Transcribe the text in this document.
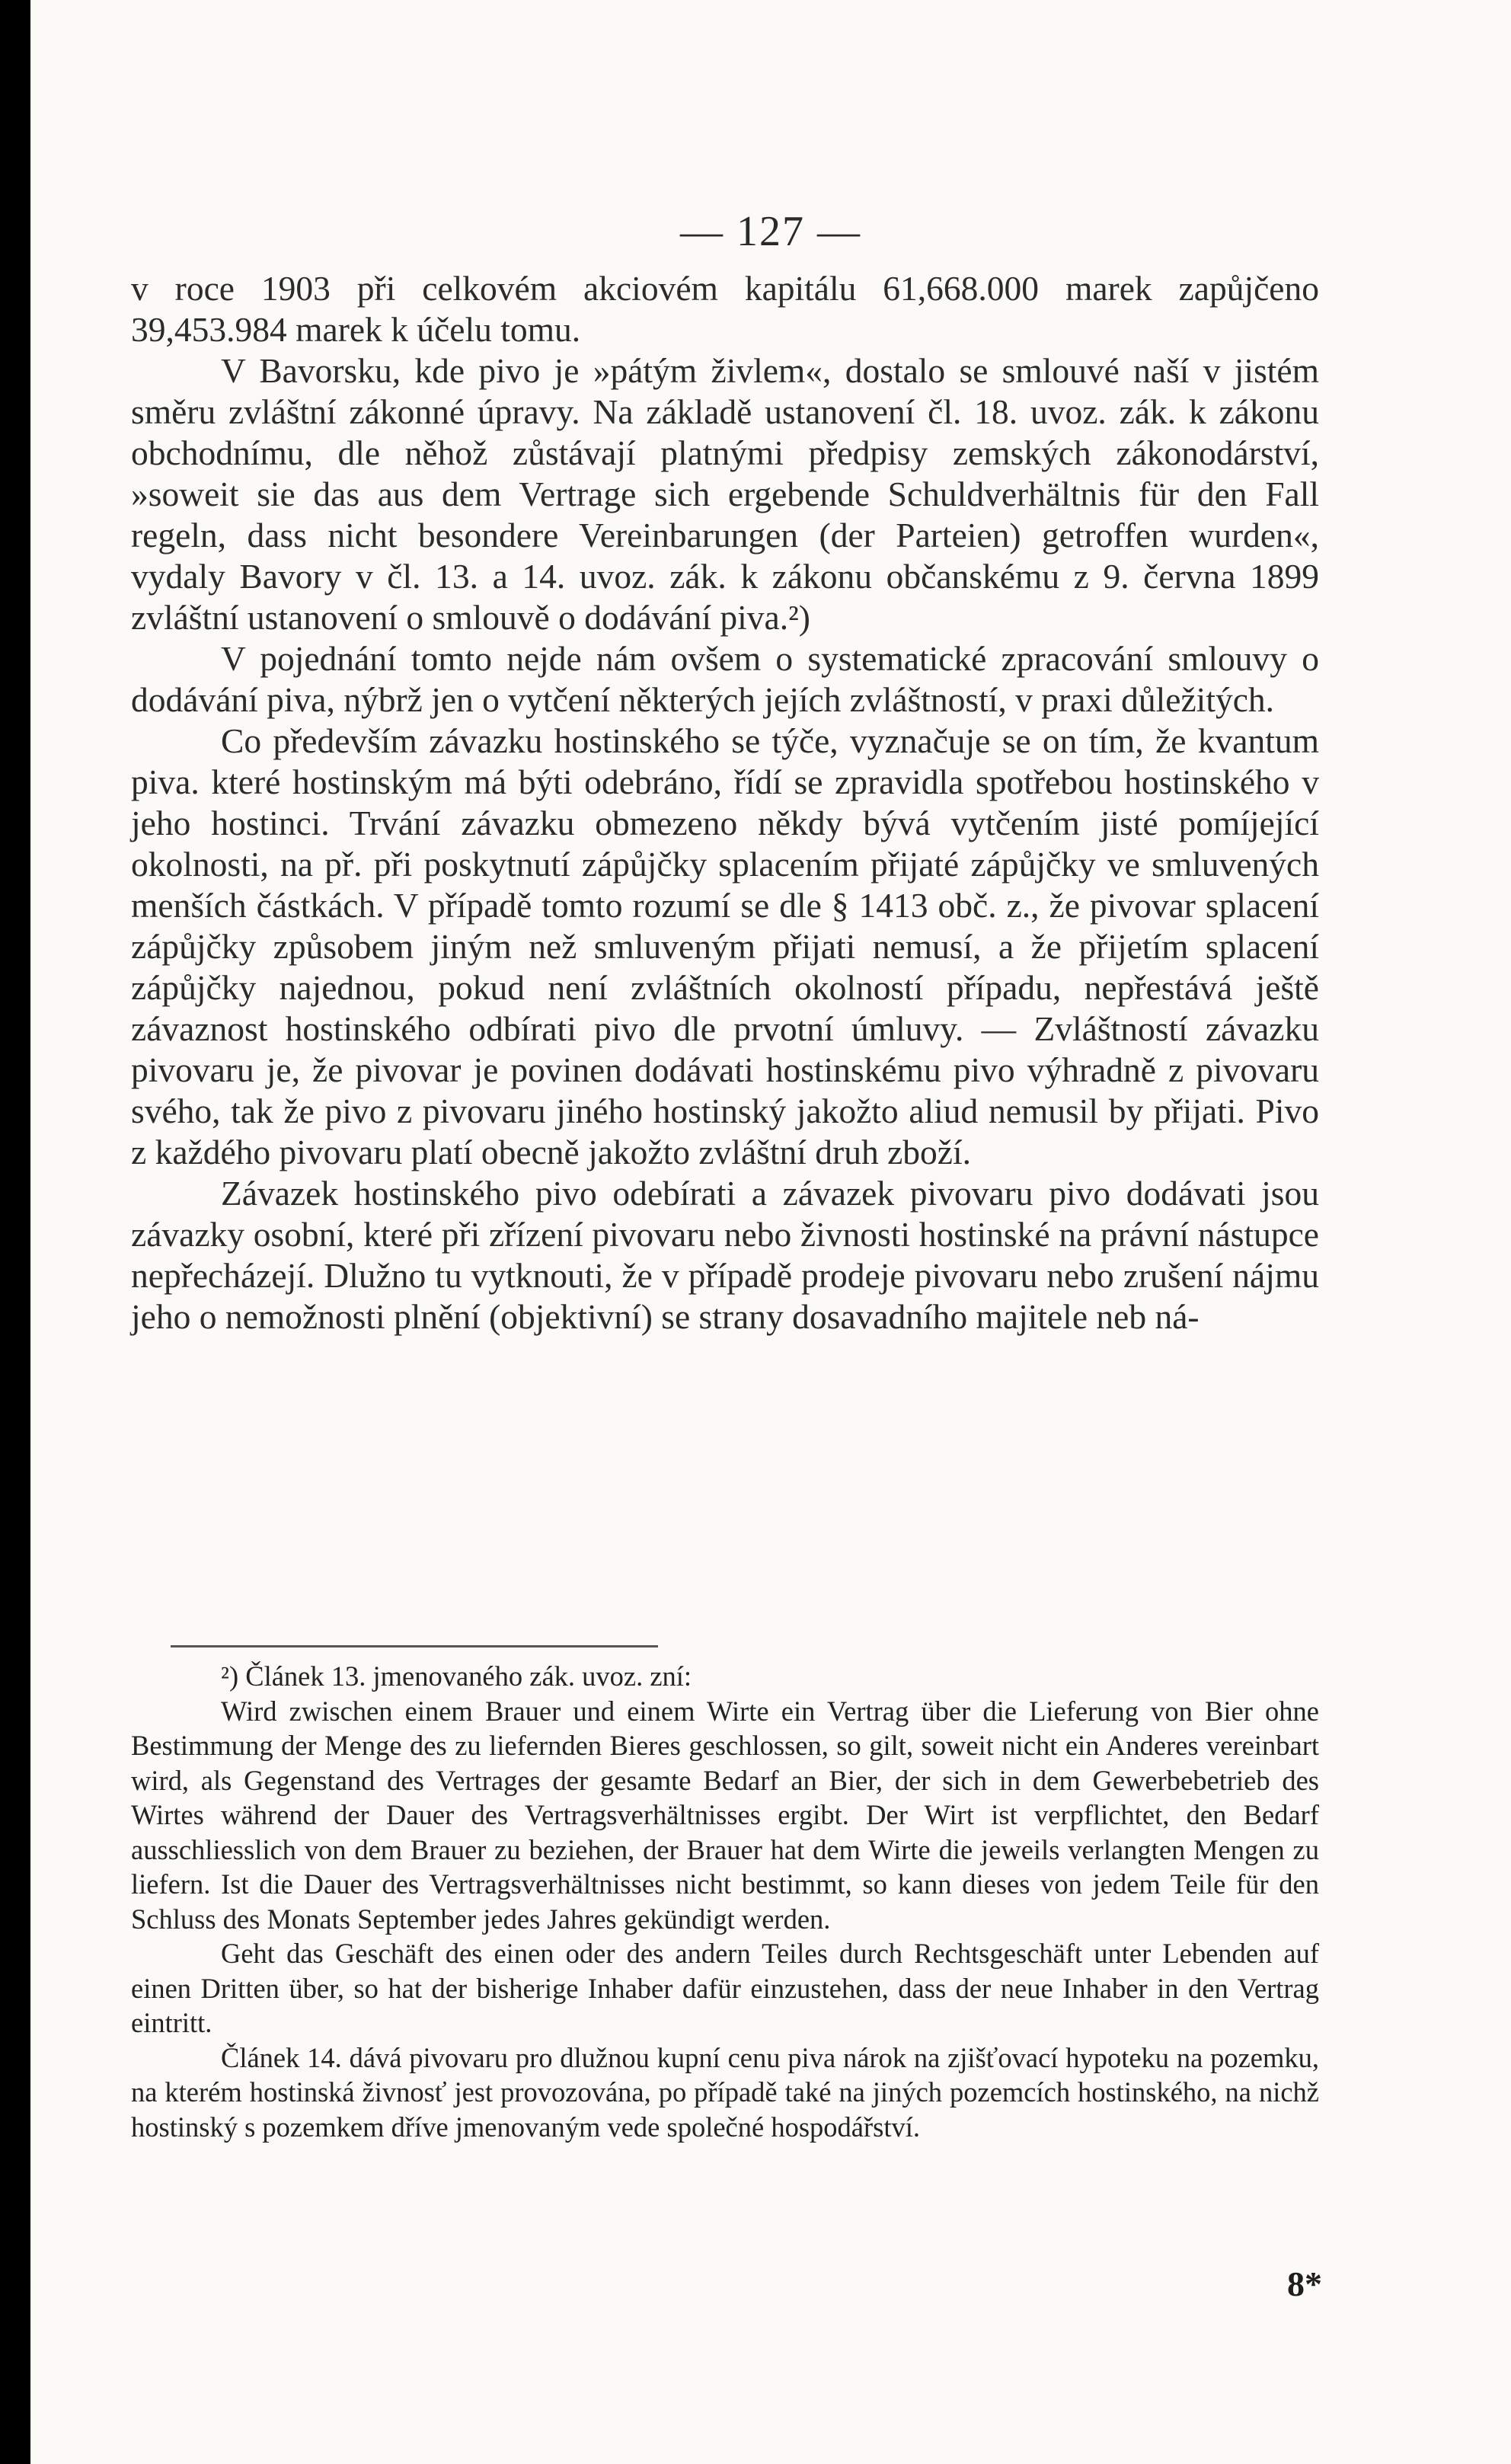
— 127 —

v roce 1903 při celkovém akciovém kapitálu 61,668.000 marek zapůjčeno 39,453.984 marek k účelu tomu.

V Bavorsku, kde pivo je »pátým živlem«, dostalo se smlouvé naší v jistém směru zvláštní zákonné úpravy. Na základě ustanovení čl. 18. uvoz. zák. k zákonu obchodnímu, dle něhož zůstávají platnými předpisy zemských zákonodárství, »soweit sie das aus dem Vertrage sich ergebende Schuldverhältnis für den Fall regeln, dass nicht besondere Vereinbarungen (der Parteien) getroffen wurden«, vydaly Bavory v čl. 13. a 14. uvoz. zák. k zákonu občanskému z 9. června 1899 zvláštní ustanovení o smlouvě o dodávání piva.²)

V pojednání tomto nejde nám ovšem o systematické zpracování smlouvy o dodávání piva, nýbrž jen o vytčení některých jejích zvláštností, v praxi důležitých.

Co především závazku hostinského se týče, vyznačuje se on tím, že kvantum piva. které hostinským má býti odebráno, řídí se zpravidla spotřebou hostinského v jeho hostinci. Trvání závazku obmezeno někdy bývá vytčením jisté pomíjející okolnosti, na př. při poskytnutí zápůjčky splacením přijaté zápůjčky ve smluvených menších částkách. V případě tomto rozumí se dle § 1413 obč. z., že pivovar splacení zápůjčky způsobem jiným než smluveným přijati nemusí, a že přijetím splacení zápůjčky najednou, pokud není zvláštních okolností případu, nepřestává ještě závaznost hostinského odbírati pivo dle prvotní úmluvy. — Zvláštností závazku pivovaru je, že pivovar je povinen dodávati hostinskému pivo výhradně z pivovaru svého, tak že pivo z pivovaru jiného hostinský jakožto aliud nemusil by přijati. Pivo z každého pivovaru platí obecně jakožto zvláštní druh zboží.

Závazek hostinského pivo odebírati a závazek pivovaru pivo dodávati jsou závazky osobní, které při zřízení pivovaru nebo živnosti hostinské na právní nástupce nepřecházejí. Dlužno tu vytknouti, že v případě prodeje pivovaru nebo zrušení nájmu jeho o nemožnosti plnění (objektivní) se strany dosavadního majitele neb ná-

²) Článek 13. jmenovaného zák. uvoz. zní:

Wird zwischen einem Brauer und einem Wirte ein Vertrag über die Lieferung von Bier ohne Bestimmung der Menge des zu liefernden Bieres geschlossen, so gilt, soweit nicht ein Anderes vereinbart wird, als Gegenstand des Vertrages der gesamte Bedarf an Bier, der sich in dem Gewerbebetrieb des Wirtes während der Dauer des Vertragsverhältnisses ergibt. Der Wirt ist verpflichtet, den Bedarf ausschliesslich von dem Brauer zu beziehen, der Brauer hat dem Wirte die jeweils verlangten Mengen zu liefern. Ist die Dauer des Vertragsverhältnisses nicht bestimmt, so kann dieses von jedem Teile für den Schluss des Monats September jedes Jahres gekündigt werden.

Geht das Geschäft des einen oder des andern Teiles durch Rechtsgeschäft unter Lebenden auf einen Dritten über, so hat der bisherige Inhaber dafür einzustehen, dass der neue Inhaber in den Vertrag eintritt.

Článek 14. dává pivovaru pro dlužnou kupní cenu piva nárok na zjišťovací hypoteku na pozemku, na kterém hostinská živnosť jest provozována, po případě také na jiných pozemcích hostinského, na nichž hostinský s pozemkem dříve jmenovaným vede společné hospodářství.

8*
